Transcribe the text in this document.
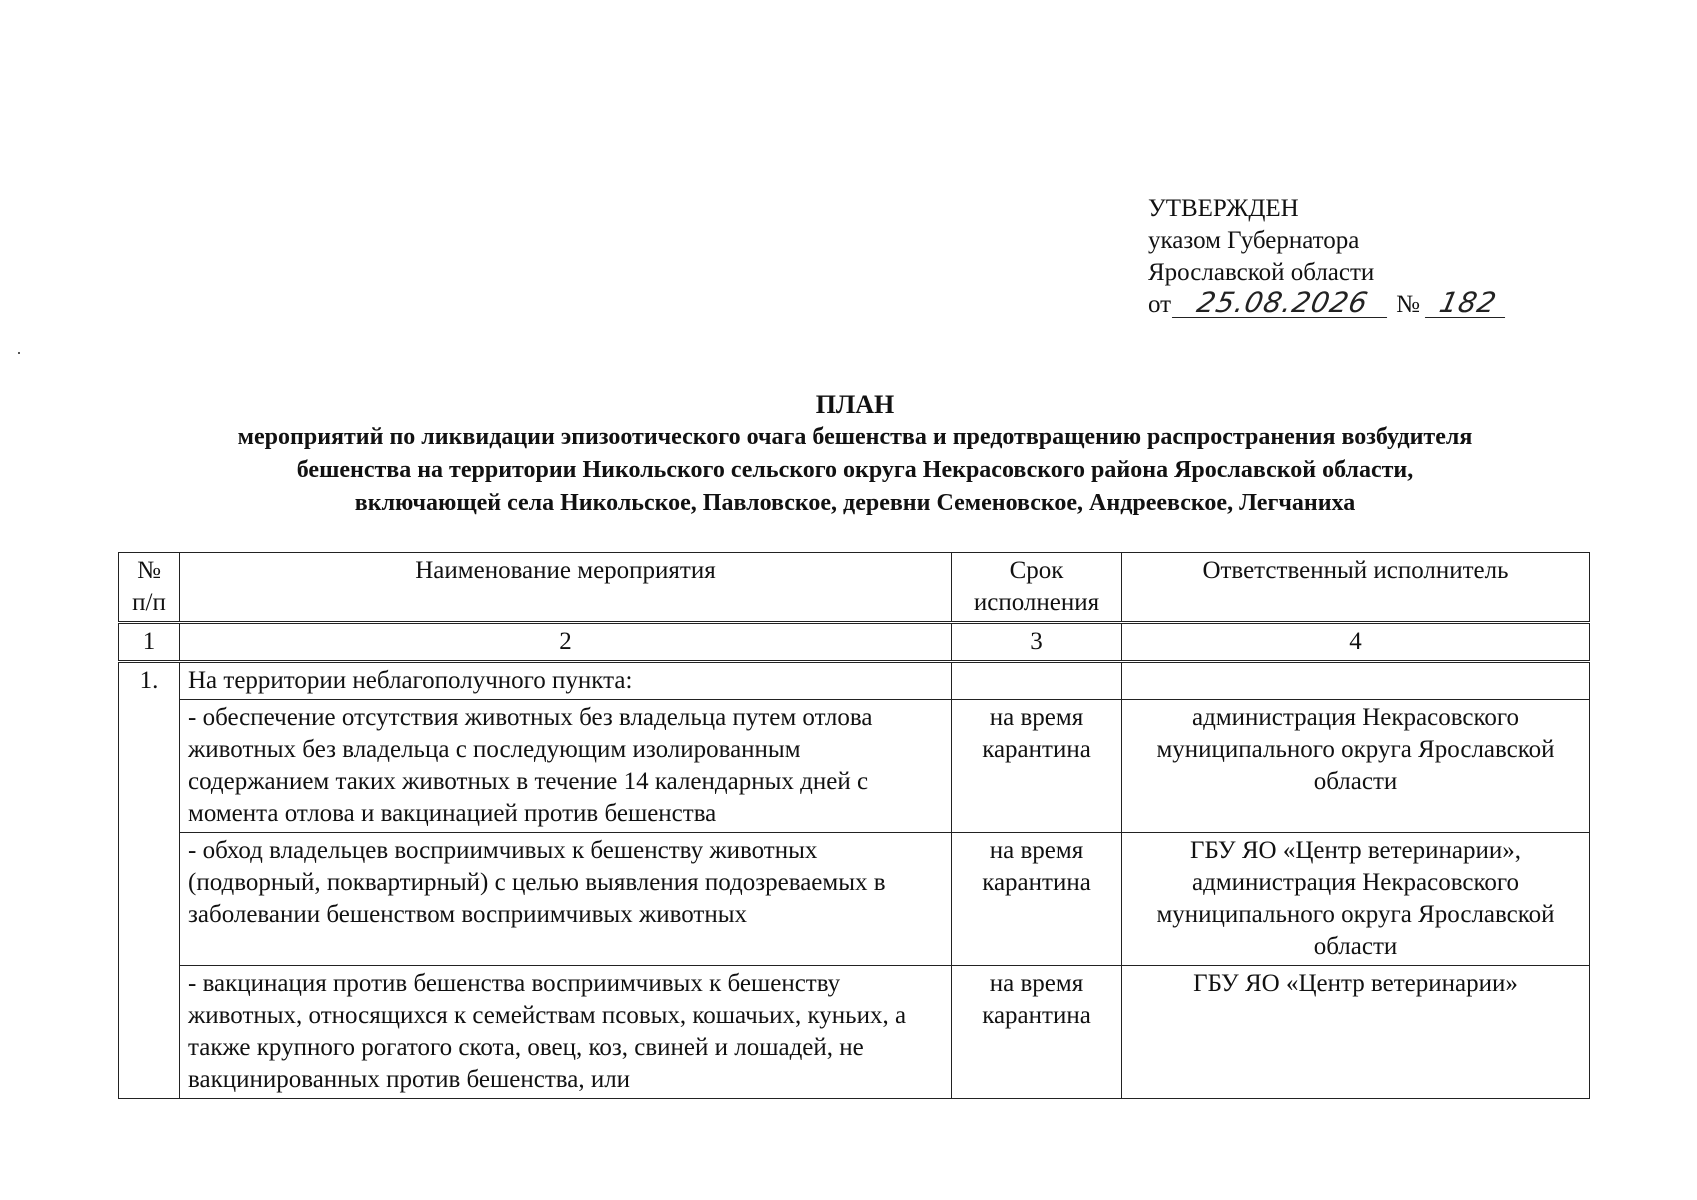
УТВЕРЖДЕН
указом Губернатора
Ярославской области
от 25.08.2026 № 182
ПЛАН
мероприятий по ликвидации эпизоотического очага бешенства и предотвращению распространения возбудителя
бешенства на территории Никольского сельского округа Некрасовского района Ярославской области,
включающей села Никольское, Павловское, деревни Семеновское, Андреевское, Легчаниха
№ п/п	Наименование мероприятия	Срок исполнения	Ответственный исполнитель
1	2	3	4
1.	На территории неблагополучного пункта:		
	- обеспечение отсутствия животных без владельца путем отлова животных без владельца с последующим изолированным содержанием таких животных в течение 14 календарных дней с момента отлова и вакцинацией против бешенства	на время карантина	администрация Некрасовского муниципального округа Ярославской области
	- обход владельцев восприимчивых к бешенству животных (подворный, поквартирный) с целью выявления подозреваемых в заболевании бешенством восприимчивых животных	на время карантина	ГБУ ЯО «Центр ветеринарии», администрация Некрасовского муниципального округа Ярославской области
	- вакцинация против бешенства восприимчивых к бешенству животных, относящихся к семействам псовых, кошачьих, куньих, а также крупного рогатого скота, овец, коз, свиней и лошадей, не вакцинированных против бешенства, или	на время карантина	ГБУ ЯО «Центр ветеринарии»
